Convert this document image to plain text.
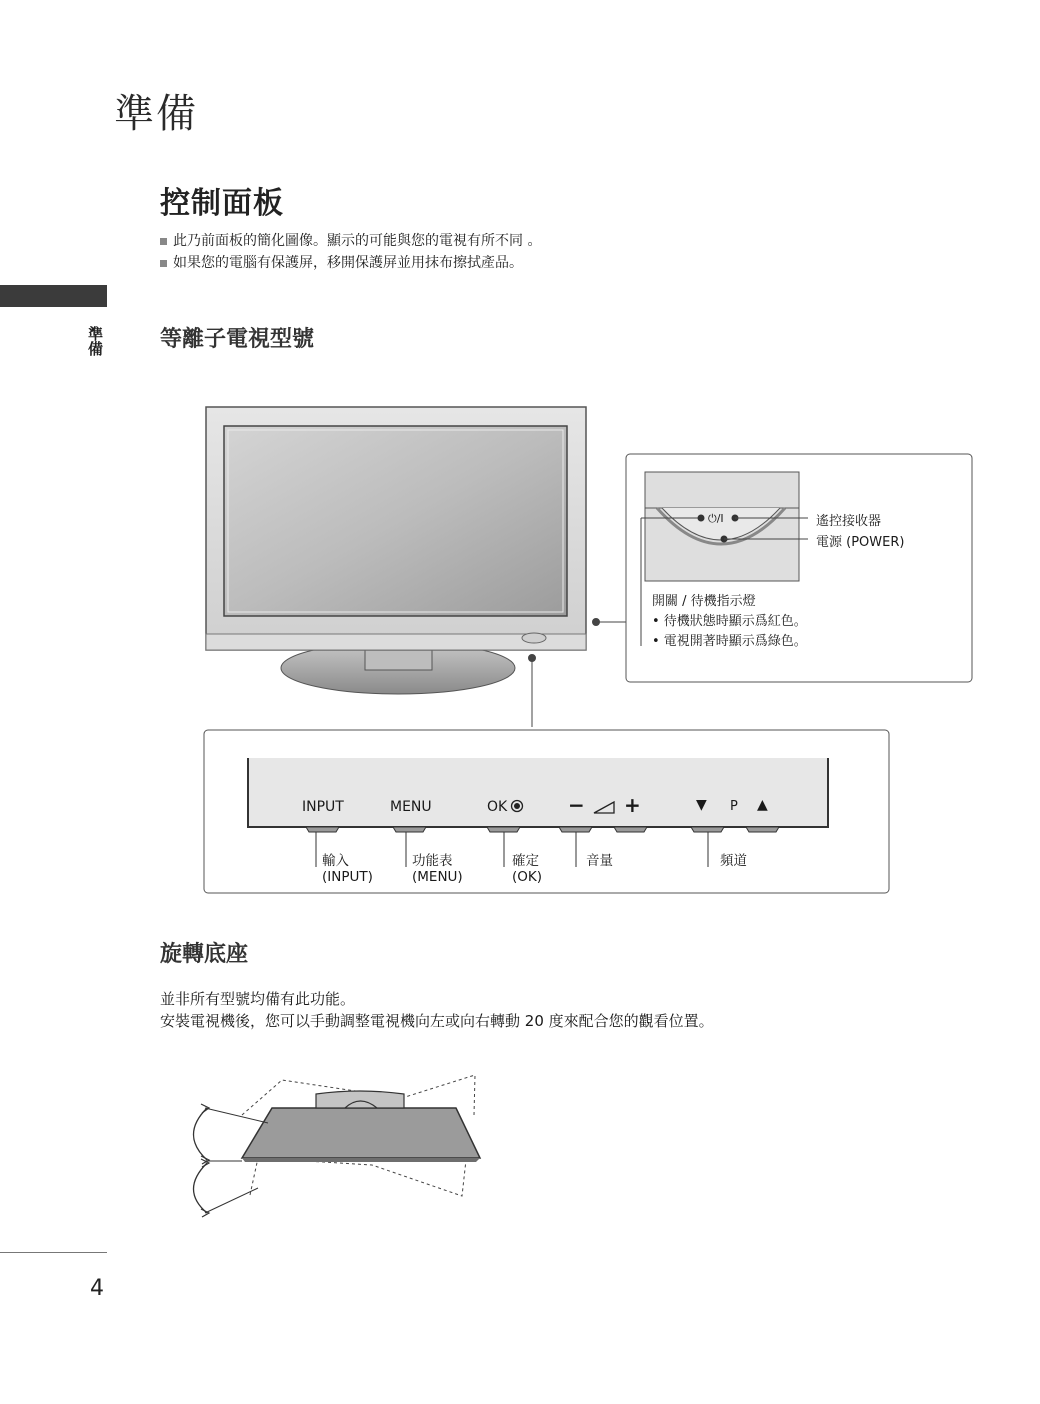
準備
控制面板
此乃前面板的簡化圖像。顯示的可能與您的電視有所不同 。
如果您的電腦有保護屏，移開保護屏並用抹布擦拭產品。
準備	等離子電視型號
⏻/I	遙控接收器
電源 (POWER)
開關 / 待機指示燈
• 待機狀態時顯示爲紅色。
• 電視開著時顯示爲綠色。
INPUT	MENU	OK	− +	▼ P ▲
輸入
(INPUT)
功能表
(MENU)
確定
(OK)
音量	頻道
旋轉底座
並非所有型號均備有此功能。
安裝電視機後，您可以手動調整電視機向左或向右轉動 20 度來配合您的觀看位置。
4
